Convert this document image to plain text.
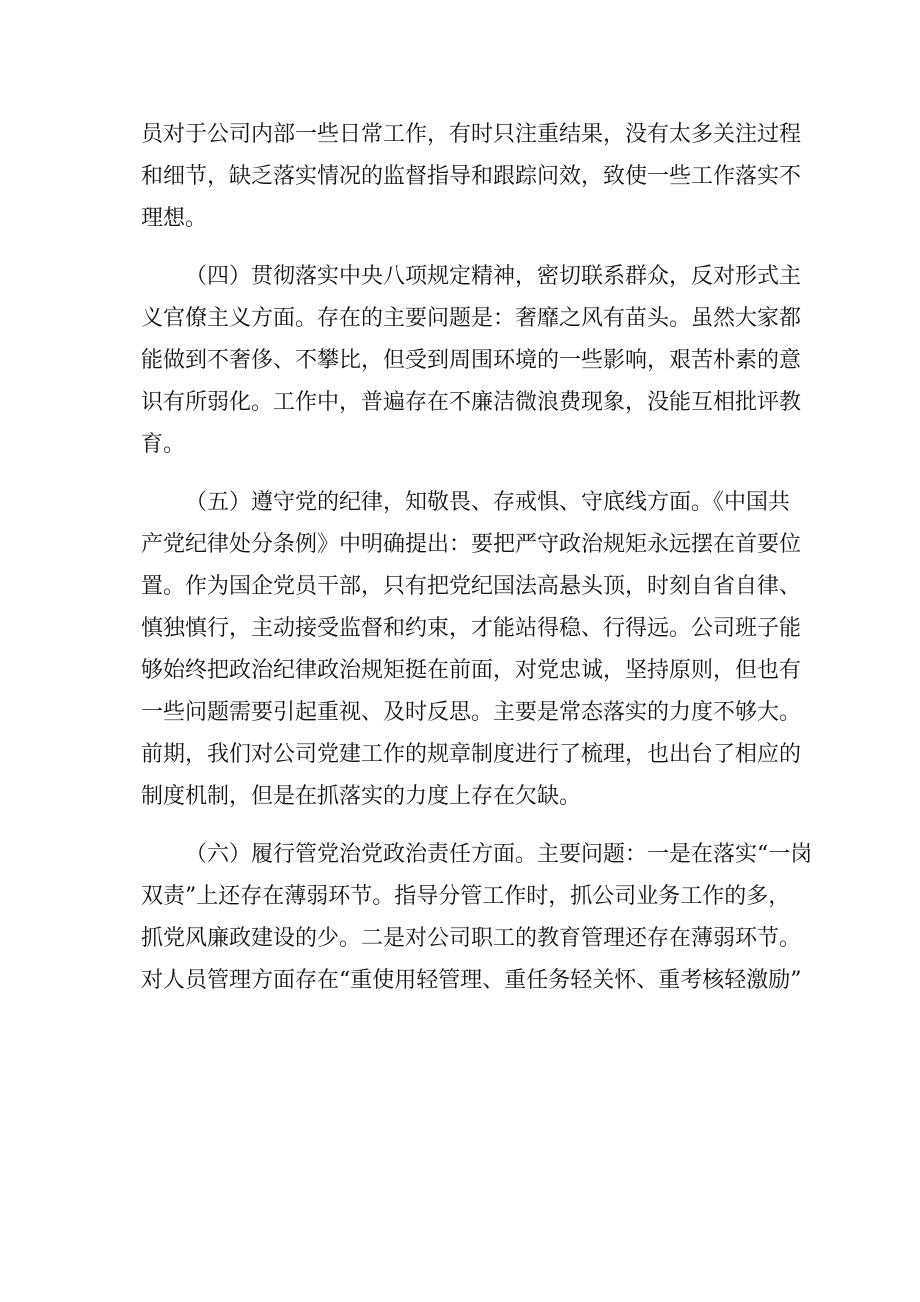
员对于公司内部一些日常工作，有时只注重结果，没有太多关注过程
和细节，缺乏落实情况的监督指导和跟踪问效，致使一些工作落实不
理想。

（四）贯彻落实中央八项规定精神，密切联系群众，反对形式主
义官僚主义方面。存在的主要问题是：奢靡之风有苗头。虽然大家都
能做到不奢侈、不攀比，但受到周围环境的一些影响，艰苦朴素的意
识有所弱化。工作中，普遍存在不廉洁微浪费现象，没能互相批评教
育。

（五）遵守党的纪律，知敬畏、存戒惧、守底线方面。《中国共
产党纪律处分条例》中明确提出：要把严守政治规矩永远摆在首要位
置。作为国企党员干部，只有把党纪国法高悬头顶，时刻自省自律、
慎独慎行，主动接受监督和约束，才能站得稳、行得远。公司班子能
够始终把政治纪律政治规矩挺在前面，对党忠诚，坚持原则，但也有
一些问题需要引起重视、及时反思。主要是常态落实的力度不够大。
前期，我们对公司党建工作的规章制度进行了梳理，也出台了相应的
制度机制，但是在抓落实的力度上存在欠缺。

（六）履行管党治党政治责任方面。主要问题：一是在落实“一岗
双责”上还存在薄弱环节。指导分管工作时，抓公司业务工作的多，
抓党风廉政建设的少。二是对公司职工的教育管理还存在薄弱环节。
对人员管理方面存在“重使用轻管理、重任务轻关怀、重考核轻激励”
